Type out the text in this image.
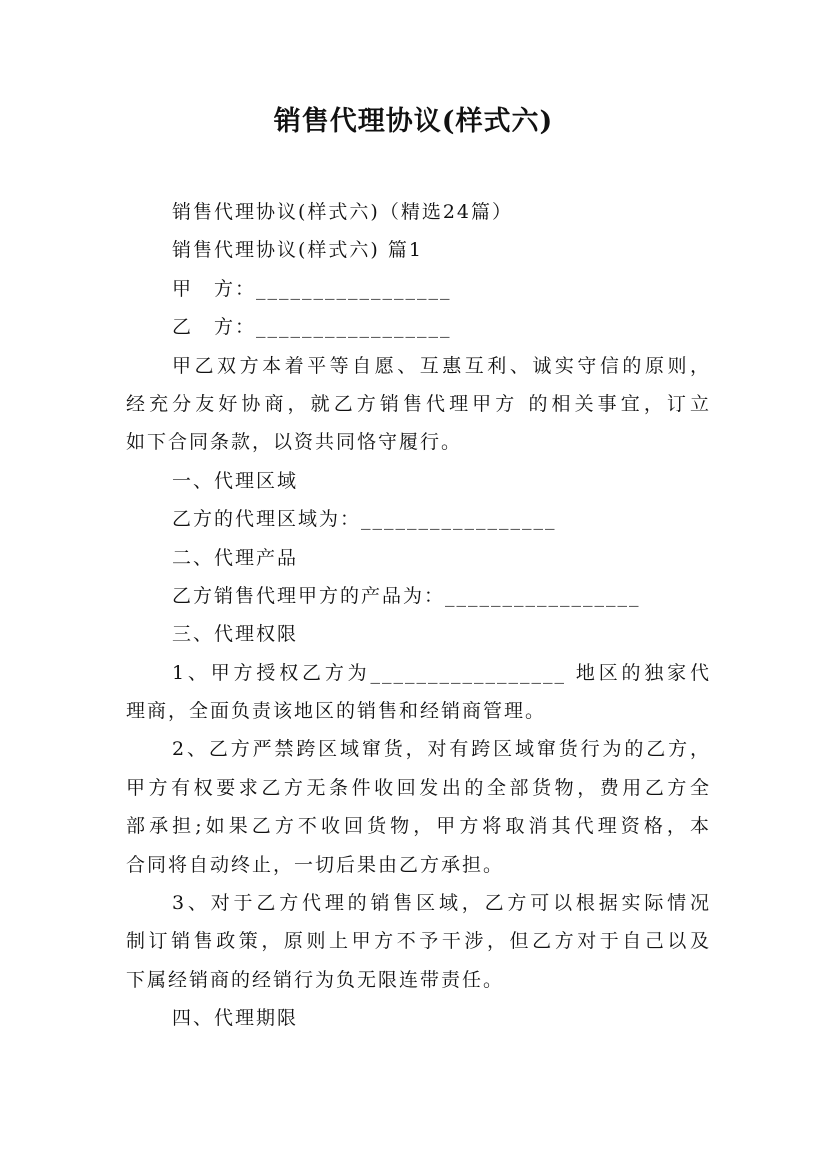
销售代理协议(样式六)
销售代理协议(样式六)（精选24篇）
销售代理协议(样式六) 篇1
甲　方：_________________
乙　方：_________________
甲乙双方本着平等自愿、互惠互利、诚实守信的原则，
经充分友好协商，就乙方销售代理甲方 的相关事宜，订立
如下合同条款，以资共同恪守履行。
一、代理区域
乙方的代理区域为：_________________
二、代理产品
乙方销售代理甲方的产品为：_________________
三、代理权限
1、甲方授权乙方为_________________ 地区的独家代
理商，全面负责该地区的销售和经销商管理。
2、乙方严禁跨区域窜货，对有跨区域窜货行为的乙方，
甲方有权要求乙方无条件收回发出的全部货物，费用乙方全
部承担;如果乙方不收回货物，甲方将取消其代理资格，本
合同将自动终止，一切后果由乙方承担。
3、对于乙方代理的销售区域，乙方可以根据实际情况
制订销售政策，原则上甲方不予干涉，但乙方对于自己以及
下属经销商的经销行为负无限连带责任。
四、代理期限
